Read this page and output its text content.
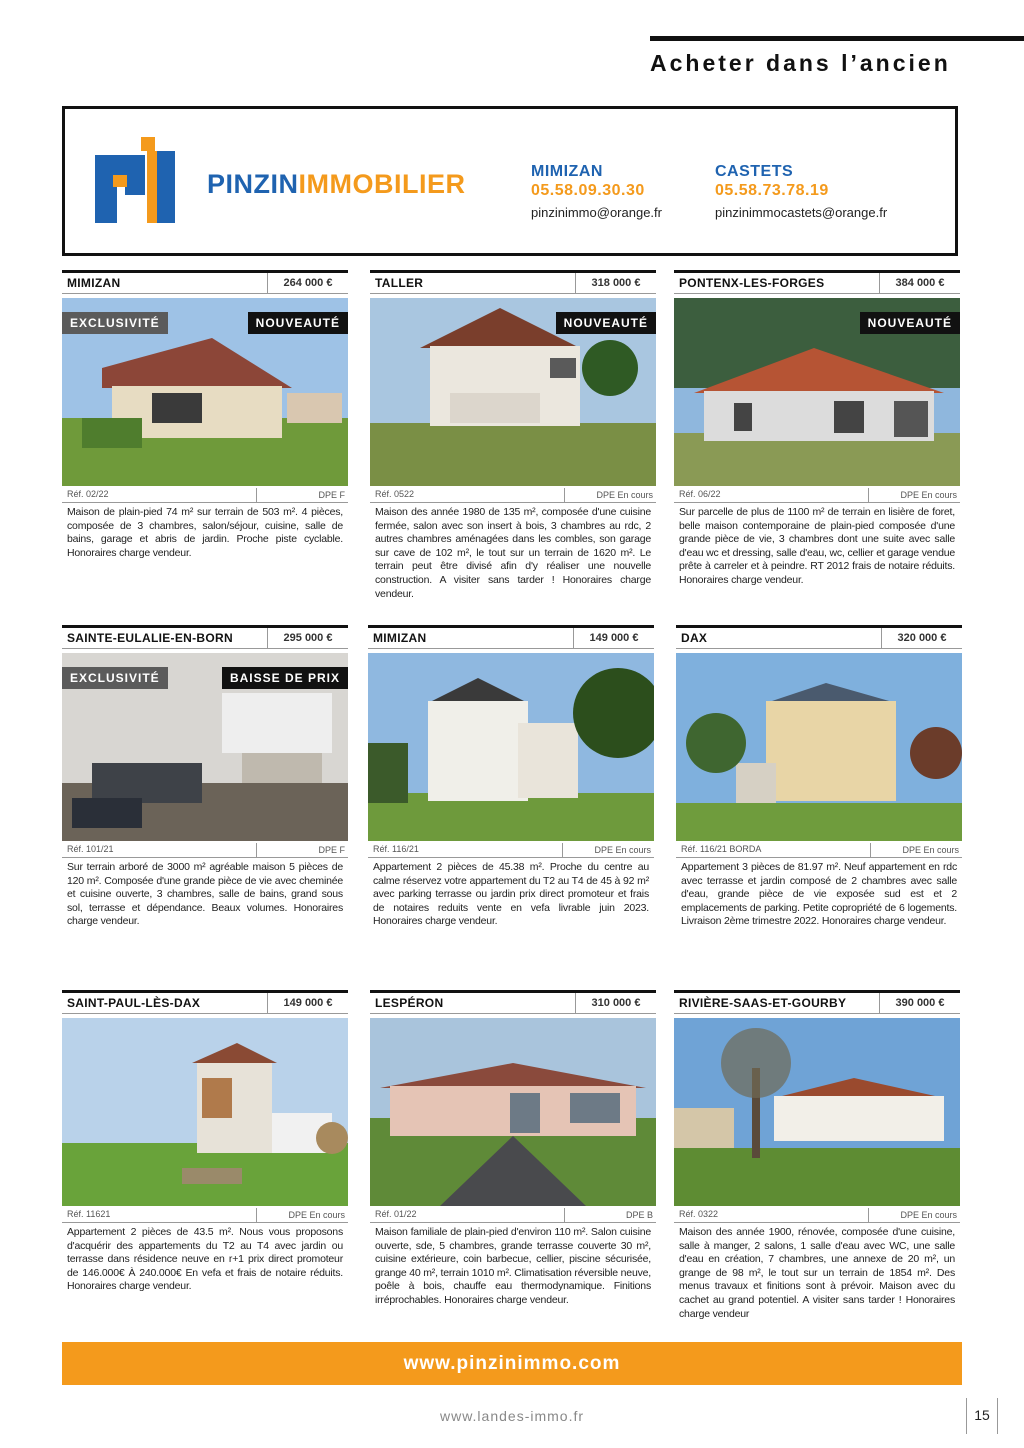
Acheter dans l’ancien
PINZINIMMOBILIER	MIMIZAN
05.58.09.30.30
pinzinimmo@orange.fr
CASTETS
05.58.73.78.19
pinzinimmocastets@orange.fr
MIMIZAN	264 000 €
EXCLUSIVITÉ	NOUVEAUTÉ
Réf. 02/22	DPE F
Maison de plain-pied 74 m² sur terrain de 503 m². 4 pièces, composée de 3 chambres, salon/séjour, cuisine, salle de bains, garage et abris de jardin. Proche piste cyclable. Honoraires charge vendeur.
TALLER	318 000 €
NOUVEAUTÉ
Réf. 0522	DPE En cours
Maison des année 1980 de 135 m², composée d'une cuisine fermée, salon avec son insert à bois, 3 chambres au rdc, 2 autres chambres aménagées dans les combles, son garage sur cave de 102 m², le tout sur un terrain de 1620 m². Le terrain peut être divisé afin d'y réaliser une nouvelle construction. A visiter sans tarder ! Honoraires charge vendeur.
PONTENX-LES-FORGES	384 000 €
NOUVEAUTÉ
Réf. 06/22	DPE En cours
Sur parcelle de plus de 1100 m² de terrain en lisière de foret, belle maison contemporaine de plain-pied composée d'une grande pièce de vie, 3 chambres dont une suite avec salle d'eau wc et dressing, salle d'eau, wc, cellier et garage vendue prête à carreler et à peindre. RT 2012 frais de notaire réduits. Honoraires charge vendeur.
SAINTE-EULALIE-EN-BORN	295 000 €
EXCLUSIVITÉ	BAISSE DE PRIX
Réf. 101/21	DPE F
Sur terrain arboré de 3000 m² agréable maison 5 pièces de 120 m². Composée d'une grande pièce de vie avec cheminée et cuisine ouverte, 3 chambres, salle de bains, grand sous sol, terrasse et dépendance. Beaux volumes. Honoraires charge vendeur.
MIMIZAN	149 000 €
Réf. 116/21	DPE En cours
Appartement 2 pièces de 45.38 m². Proche du centre au calme réservez votre appartement du T2 au T4 de 45 à 92 m² avec parking terrasse ou jardin prix direct promoteur et frais de notaires reduits vente en vefa livrable juin 2023. Honoraires charge vendeur.
DAX	320 000 €
Réf. 116/21 BORDA	DPE En cours
Appartement 3 pièces de 81.97 m². Neuf appartement en rdc avec terrasse et jardin composé de 2 chambres avec salle d'eau, grande pièce de vie exposée sud est et 2 emplacements de parking. Petite copropriété de 6 logements. Livraison 2ème trimestre 2022. Honoraires charge vendeur.
SAINT-PAUL-LÈS-DAX	149 000 €
Réf. 11621	DPE En cours
Appartement 2 pièces de 43.5 m². Nous vous proposons d'acquérir des appartements du T2 au T4 avec jardin ou terrasse dans résidence neuve en r+1 prix direct promoteur de 146.000€ À 240.000€ En vefa et frais de notaire réduits. Honoraires charge vendeur.
LESPÉRON	310 000 €
Réf. 01/22	DPE B
Maison familiale de plain-pied d'environ 110 m². Salon cuisine ouverte, sde, 5 chambres, grande terrasse couverte 30 m², cuisine extérieure, coin barbecue, cellier, piscine sécurisée, grange 40 m², terrain 1010 m². Climatisation réversible neuve, poêle à bois, chauffe eau thermodynamique. Finitions irréprochables. Honoraires charge vendeur.
RIVIÈRE-SAAS-ET-GOURBY	390 000 €
Réf. 0322	DPE En cours
Maison des année 1900, rénovée, composée d'une cuisine, salle à manger, 2 salons, 1 salle d'eau avec WC, une salle d'eau en création, 7 chambres, une annexe de 20 m², un grange de 98 m², le tout sur un terrain de 1854 m². Des menus travaux et finitions sont à prévoir. Maison avec du cachet au grand potentiel. A visiter sans tarder ! Honoraires charge vendeur
www.pinzinimmo.com
www.landes-immo.fr	15
